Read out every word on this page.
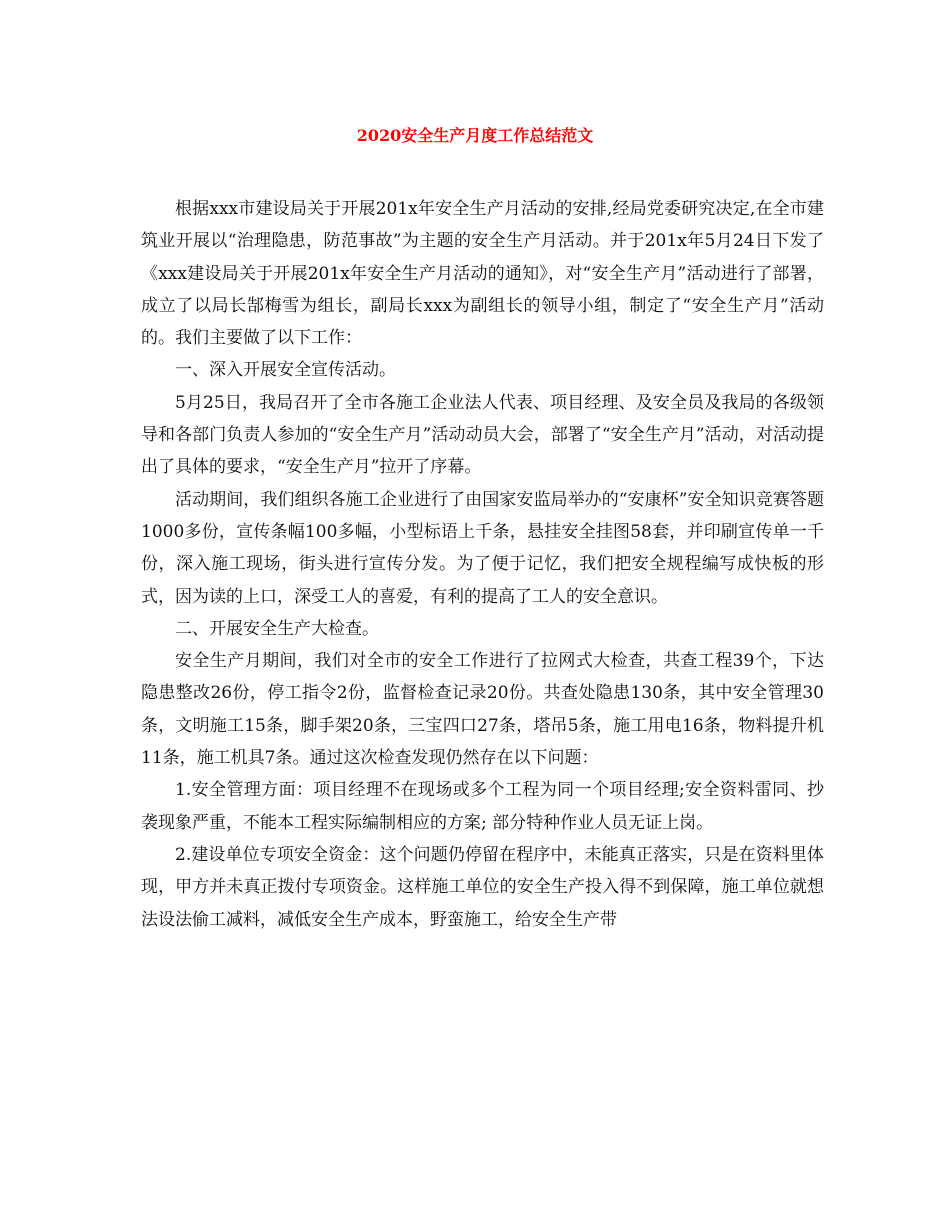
2020安全生产月度工作总结范文

根据xxx市建设局关于开展201x年安全生产月活动的安排,经局党委研究决定,在全市建筑业开展以“治理隐患，防范事故”为主题的安全生产月活动。并于201x年5月24日下发了《xxx建设局关于开展201x年安全生产月活动的通知》，对“安全生产月”活动进行了部署，成立了以局长郜梅雪为组长，副局长xxx为副组长的领导小组，制定了“安全生产月”活动的。我们主要做了以下工作：

一、深入开展安全宣传活动。

5月25日，我局召开了全市各施工企业法人代表、项目经理、及安全员及我局的各级领导和各部门负责人参加的“安全生产月”活动动员大会，部署了“安全生产月”活动，对活动提出了具体的要求，“安全生产月”拉开了序幕。

活动期间，我们组织各施工企业进行了由国家安监局举办的“安康杯”安全知识竞赛答题1000多份，宣传条幅100多幅，小型标语上千条，悬挂安全挂图58套，并印刷宣传单一千份，深入施工现场，街头进行宣传分发。为了便于记忆，我们把安全规程编写成快板的形式，因为读的上口，深受工人的喜爱，有利的提高了工人的安全意识。

二、开展安全生产大检查。

安全生产月期间，我们对全市的安全工作进行了拉网式大检查，共查工程39个，下达隐患整改26份，停工指令2份，监督检查记录20份。共查处隐患130条，其中安全管理30条，文明施工15条，脚手架20条，三宝四口27条，塔吊5条，施工用电16条，物料提升机11条，施工机具7条。通过这次检查发现仍然存在以下问题：

1.安全管理方面：项目经理不在现场或多个工程为同一个项目经理;安全资料雷同、抄袭现象严重，不能本工程实际编制相应的方案; 部分特种作业人员无证上岗。

2.建设单位专项安全资金：这个问题仍停留在程序中，未能真正落实，只是在资料里体现，甲方并未真正拨付专项资金。这样施工单位的安全生产投入得不到保障，施工单位就想法设法偷工减料，减低安全生产成本，野蛮施工，给安全生产带
